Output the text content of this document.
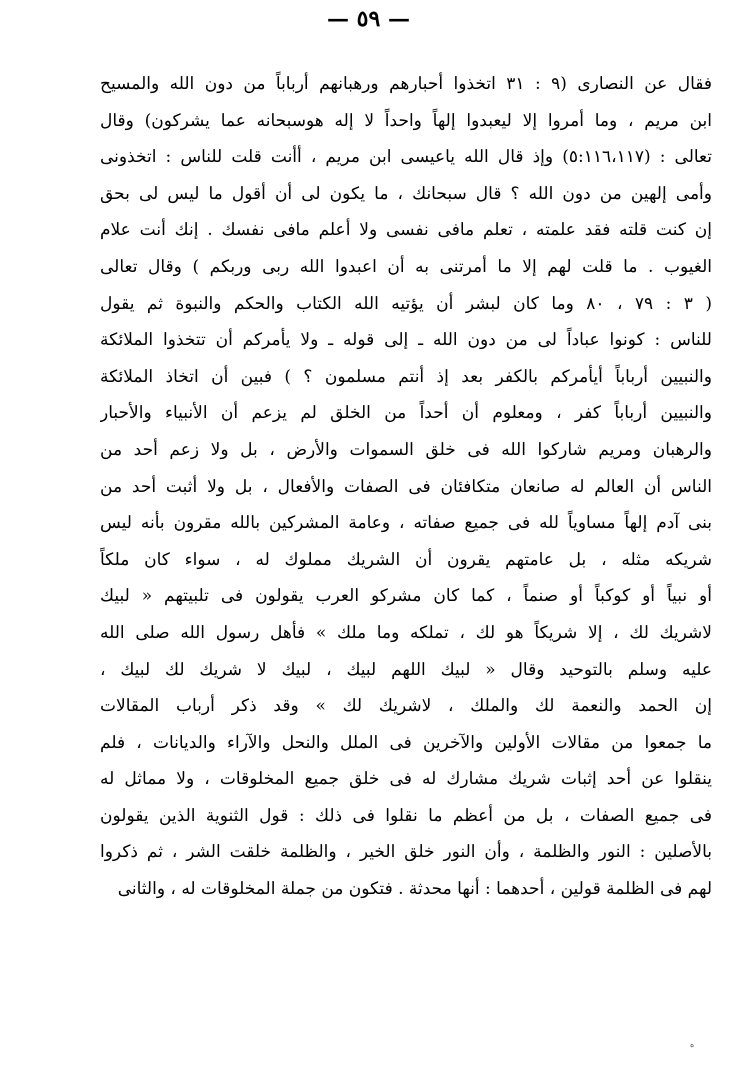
— ٥٩ —
فقال عن النصارى (٩ : ٣١ اتخذوا أحبارهم ورهبانهم أرباباً من دون الله والمسيح
ابن مريم ، وما أمروا إلا ليعبدوا إلهاً واحداً لا إله هوسبحانه عما يشركون) وقال
تعالى : (٥:١١٦،١١٧) وإذ قال الله ياعيسى ابن مريم ، أأنت قلت للناس : اتخذونى
وأمى إلهين من دون الله ؟ قال سبحانك ، ما يكون لى أن أقول ما ليس لى بحق
إن كنت قلته فقد علمته ، تعلم مافى نفسى ولا أعلم مافى نفسك . إنك أنت علام
الغيوب . ما قلت لهم إلا ما أمرتنى به أن اعبدوا الله ربى وربكم ) وقال تعالى
( ٣ : ٧٩ ، ٨٠ وما كان لبشر أن يؤتيه الله الكتاب والحكم والنبوة ثم يقول
للناس : كونوا عباداً لى من دون الله ـ إلى قوله ـ ولا يأمركم أن تتخذوا الملائكة
والنبيين أرباباً أيأمركم بالكفر بعد إذ أنتم مسلمون ؟ ) فبين أن اتخاذ الملائكة
والنبيين أرباباً كفر ، ومعلوم أن أحداً من الخلق لم يزعم أن الأنبياء والأحبار
والرهبان ومريم شاركوا الله فى خلق السموات والأرض ، بل ولا زعم أحد من
الناس أن العالم له صانعان متكافئان فى الصفات والأفعال ، بل ولا أثبت أحد من
بنى آدم إلهاً مساوياً لله فى جميع صفاته ، وعامة المشركين بالله مقرون بأنه ليس
شريكه مثله ، بل عامتهم يقرون أن الشريك مملوك له ، سواء كان ملكاً
أو نبياً أو كوكباً أو صنماً ، كما كان مشركو العرب يقولون فى تلبيتهم « لبيك
لاشريك لك ، إلا شريكاً هو لك ، تملكه وما ملك » فأهل رسول الله صلى الله
عليه وسلم بالتوحيد وقال « لبيك اللهم لبيك ، لبيك لا شريك لك لبيك ،
إن الحمد والنعمة لك والملك ، لاشريك لك » وقد ذكر أرباب المقالات
ما جمعوا من مقالات الأولين والآخرين فى الملل والنحل والآراء والديانات ، فلم
ينقلوا عن أحد إثبات شريك مشارك له فى خلق جميع المخلوقات ، ولا مماثل له
فى جميع الصفات ، بل من أعظم ما نقلوا فى ذلك : قول الثنوية الذين يقولون
بالأصلين : النور والظلمة ، وأن النور خلق الخير ، والظلمة خلقت الشر ، ثم ذكروا
لهم فى الظلمة قولين ، أحدهما : أنها محدثة . فتكون من جملة المخلوقات له ، والثانى
ه
